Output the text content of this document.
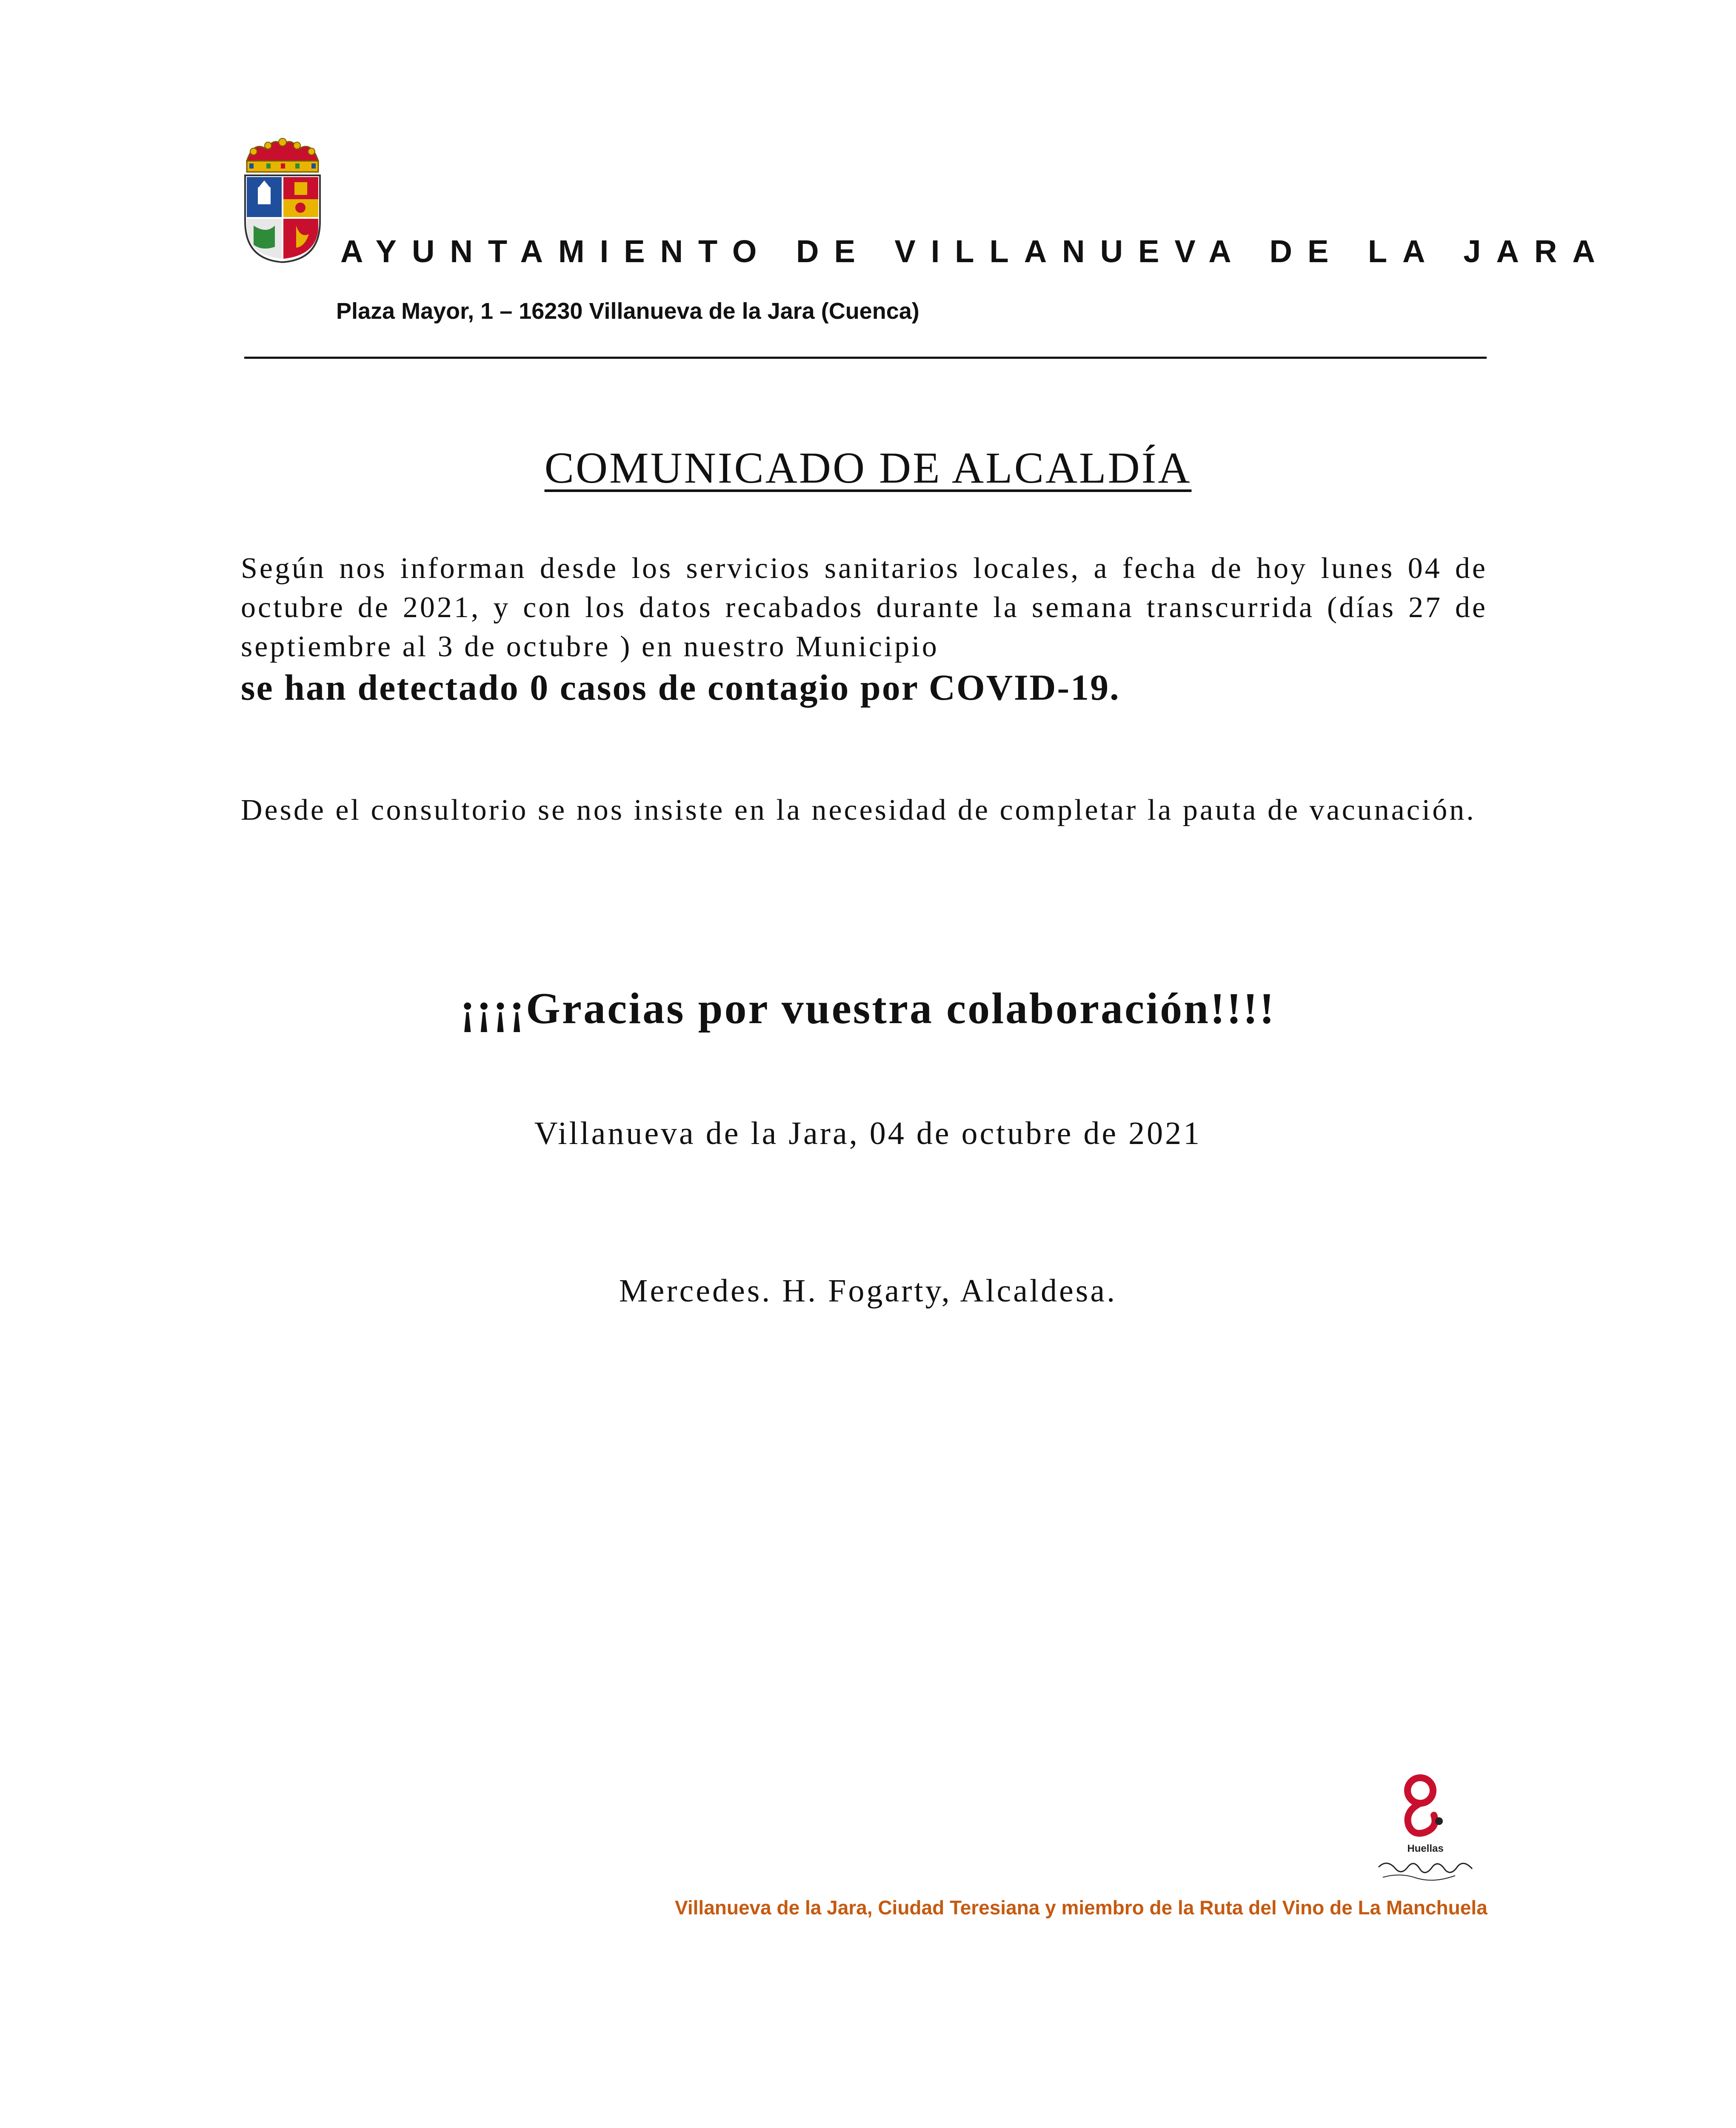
AYUNTAMIENTO DE VILLANUEVA DE LA JARA
Plaza Mayor, 1 – 16230 Villanueva de la Jara (Cuenca)
COMUNICADO DE ALCALDÍA
Según nos informan desde los servicios sanitarios locales, a fecha de hoy lunes 04 de octubre de 2021, y con los datos recabados durante la semana transcurrida (días 27 de septiembre al 3 de octubre ) en nuestro Municipio
se han detectado 0 casos de contagio por COVID-19.
Desde el consultorio se nos insiste en la necesidad de completar la pauta de vacunación.
¡¡¡¡Gracias por vuestra colaboración!!!!
Villanueva de la Jara, 04 de octubre de 2021
Mercedes. H. Fogarty, Alcaldesa.
Huellas
Villanueva de la Jara, Ciudad Teresiana y miembro de la Ruta del Vino de La Manchuela
